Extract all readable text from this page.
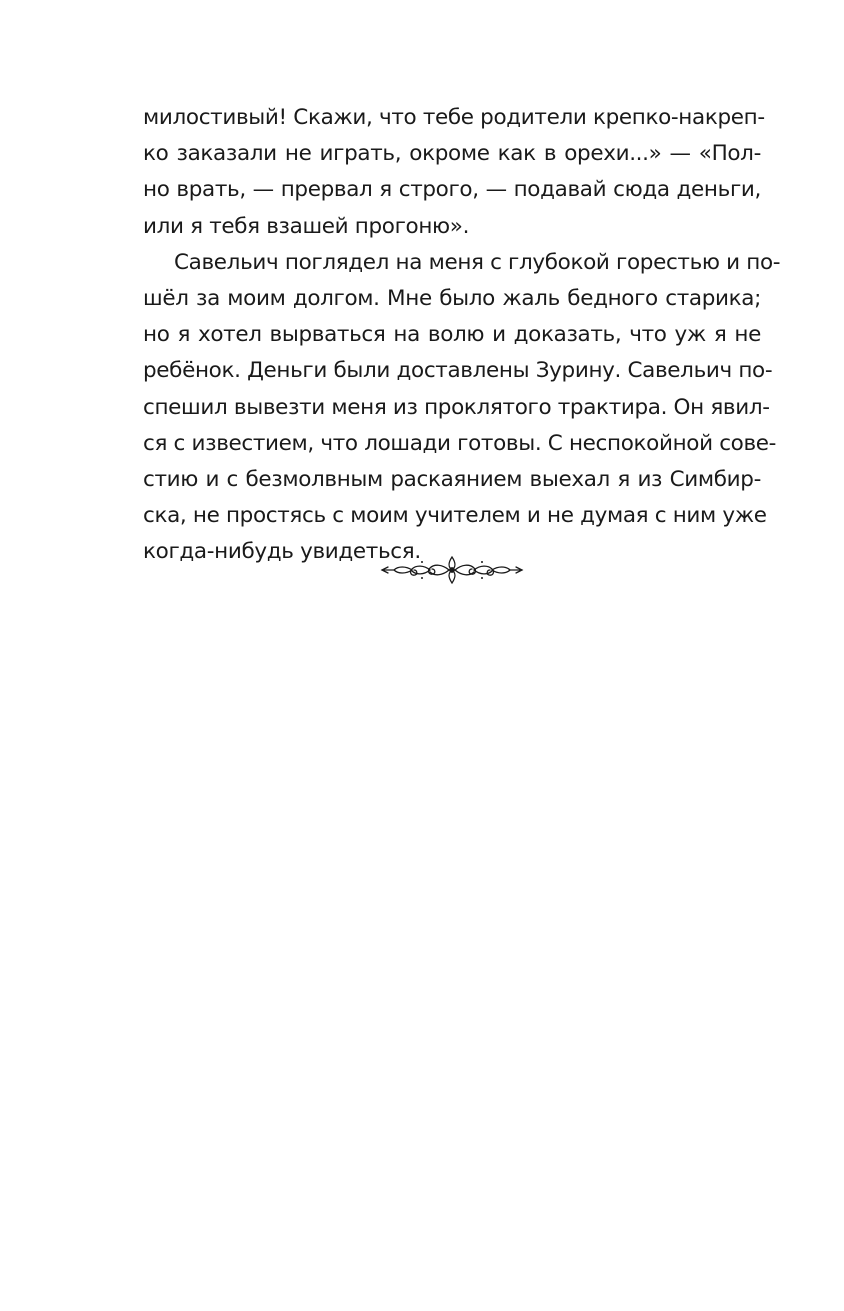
милостивый! Скажи, что тебе родители крепко-накреп-
ко заказали не играть, окроме как в орехи...» — «Пол-
но врать, — прервал я строго, — подавай сюда деньги,
или я тебя взашей прогоню».
Савельич поглядел на меня с глубокой горестью и по-
шёл за моим долгом. Мне было жаль бедного старика;
но я хотел вырваться на волю и доказать, что уж я не
ребёнок. Деньги были доставлены Зурину. Савельич по-
спешил вывезти меня из проклятого трактира. Он явил-
ся с известием, что лошади готовы. С неспокойной сове-
стию и с безмолвным раскаянием выехал я из Симбир-
ска, не простясь с моим учителем и не думая с ним уже
когда-нибудь увидеться.
